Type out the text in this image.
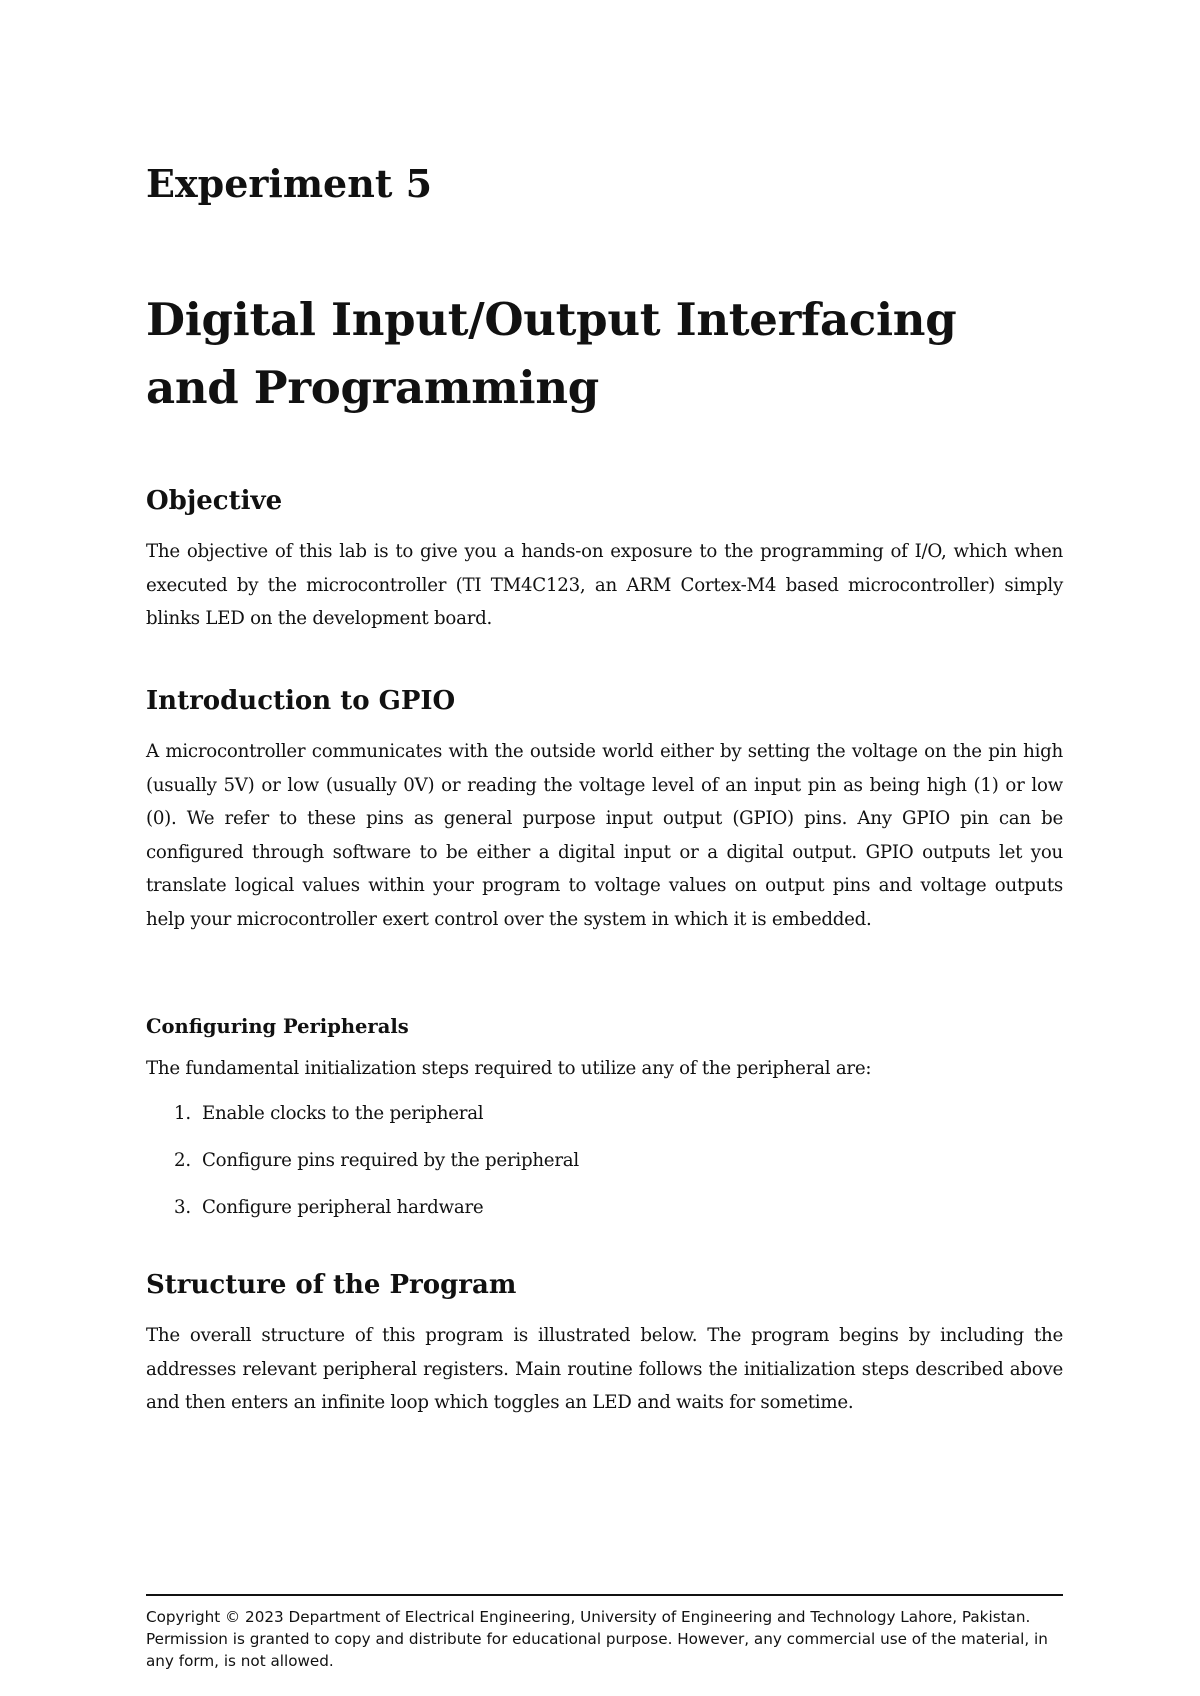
Experiment 5
Digital Input/Output Interfacing and Programming
Objective

The objective of this lab is to give you a hands-on exposure to the programming of I/O, which when executed by the microcontroller (TI TM4C123, an ARM Cortex-M4 based microcontroller) simply blinks LED on the development board.

Introduction to GPIO

A microcontroller communicates with the outside world either by setting the voltage on the pin high (usually 5V) or low (usually 0V) or reading the voltage level of an input pin as being high (1) or low (0). We refer to these pins as general purpose input output (GPIO) pins. Any GPIO pin can be configured through software to be either a digital input or a digital output. GPIO outputs let you translate logical values within your program to voltage values on output pins and voltage outputs help your microcontroller exert control over the system in which it is embedded.

Configuring Peripherals

The fundamental initialization steps required to utilize any of the peripheral are:

1. Enable clocks to the peripheral
2. Configure pins required by the peripheral
3. Configure peripheral hardware
Structure of the Program

The overall structure of this program is illustrated below. The program begins by including the addresses relevant peripheral registers. Main routine follows the initialization steps described above and then enters an infinite loop which toggles an LED and waits for sometime.

Copyright © 2023 Department of Electrical Engineering, University of Engineering and Technology Lahore, Pakistan. Permission is granted to copy and distribute for educational purpose. However, any commercial use of the material, in any form, is not allowed.
